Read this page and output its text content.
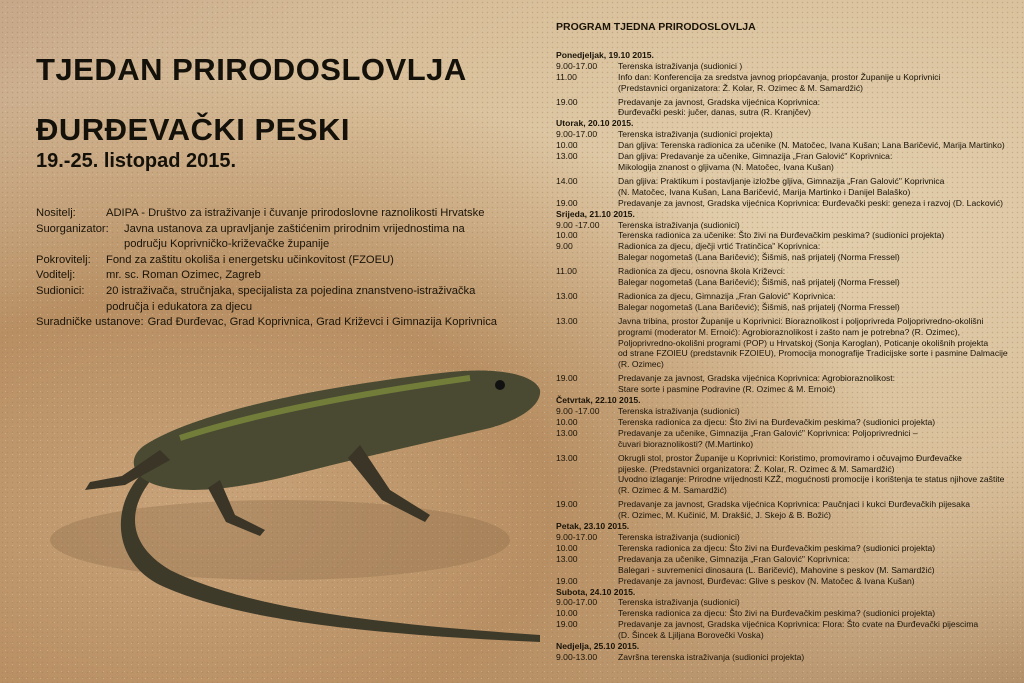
TJEDAN PRIRODOSLOVLJA
ĐURĐEVAČKI PESKI
19.-25. listopad 2015.
Nositelj:	ADIPA - Društvo za istraživanje i čuvanje prirodoslovne raznolikosti Hrvatske
Suorganizator:	Javna ustanova za upravljanje zaštićenim prirodnim vrijednostima na području Koprivničko-križevačke županije
Pokrovitelj:	Fond za zaštitu okoliša i energetsku učinkovitost (FZOEU)
Voditelj:	mr. sc. Roman Ozimec, Zagreb
Sudionici:	20 istraživača, stručnjaka, specijalista za pojedina znanstveno-istraživačka područja i edukatora za djecu
Suradničke ustanove: Grad Đurđevac, Grad Koprivnica, Grad Križevci i Gimnazija Koprivnica
PROGRAM TJEDNA PRIRODOSLOVLJA
Ponedjeljak, 19.10 2015.
9.00-17.00	Terenska istraživanja (sudionici )
11.00	Info dan: Konferencija za sredstva javnog priopćavanja, prostor Županije u Koprivnici
(Predstavnici organizatora: Ž. Kolar, R. Ozimec & M. Samardžić)
19.00	Predavanje za javnost, Gradska vijećnica Koprivnica:
Đurđevački peski: jučer, danas, sutra (R. Kranjčev)
Utorak, 20.10 2015.
9.00-17.00	Terenska istraživanja (sudionici projekta)
10.00	Dan gljiva: Terenska radionica za učenike (N. Matočec, Ivana Kušan; Lana Baričević, Marija Martinko)
13.00	Dan gljiva: Predavanje za učenike, Gimnazija „Fran Galović" Koprivnica:
Mikologija znanost o gljivama (N. Matočec, Ivana Kušan)
14.00	Dan gljiva: Praktikum i postavljanje izložbe gljiva, Gimnazija „Fran Galović" Koprivnica
(N. Matočec, Ivana Kušan, Lana Baričević, Marija Martinko i Danijel Balaško)
19.00	Predavanje za javnost, Gradska vijećnica Koprivnica: Đurđevački peski: geneza i razvoj (D. Lacković)
Srijeda, 21.10 2015.
9.00 -17.00	Terenska istraživanja (sudionici)
10.00	Terenska radionica za učenike: Što živi na Đurđevačkim peskima? (sudionici projekta)
9.00	Radionica za djecu, dječji vrtić Tratinčica" Koprivnica:
Balegar nogometaš (Lana Baričević); Šišmiš, naš prijatelj (Norma Fressel)
11.00	Radionica za djecu, osnovna škola Križevci:
Balegar nogometaš (Lana Baričević); Šišmiš, naš prijatelj (Norma Fressel)
13.00	Radionica za djecu, Gimnazija „Fran Galović" Koprivnica:
Balegar nogometaš (Lana Baričević); Šišmiš, naš prijatelj (Norma Fressel)
13.00	Javna tribina, prostor Županije u Koprivnici: Bioraznolikost i poljoprivreda Poljoprivredno-okolišni
programi (moderator M. Ernoić): Agrobioraznolikost i zašto nam je potrebna? (R. Ozimec),
Poljoprivredno-okolišni programi (POP) u Hrvatskoj (Sonja Karoglan), Poticanje okolišnih projekta
od strane FZOIEU (predstavnik FZOIEU), Promocija monografije Tradicijske sorte i pasmine Dalmacije
(R. Ozimec)
19.00	Predavanje za javnost, Gradska vijećnica Koprivnica: Agrobioraznolikost:
Stare sorte i pasmine Podravine (R. Ozimec & M. Ernoić)
Četvrtak, 22.10 2015.
9.00 -17.00	Terenska istraživanja (sudionici)
10.00	Terenska radionica za djecu: Što živi na Đurđevačkim peskima? (sudionici projekta)
13.00	Predavanje za učenike, Gimnazija „Fran Galović" Koprivnica: Poljoprivrednici –
čuvari bioraznolikosti? (M.Martinko)
13.00	Okrugli stol, prostor Županije u Koprivnici: Koristimo, promoviramo i očuvajmo Đurđevačke
pijeske. (Predstavnici organizatora: Ž. Kolar, R. Ozimec & M. Samardžić)
Uvodno izlaganje: Prirodne vrijednosti KZŽ, mogućnosti promocije i korištenja te status njihove zaštite
(R. Ozimec & M. Samardžić)
19.00	Predavanje za javnost, Gradska vijećnica Koprivnica: Paučnjaci i kukci Đurđevačkih pijesaka
(R. Ozimec, M. Kučinić, M. Drakšić, J. Skejo & B. Božić)
Petak, 23.10 2015.
9.00-17.00	Terenska istraživanja (sudionici)
10.00	Terenska radionica za djecu: Što živi na Đurđevačkim peskima? (sudionici projekta)
13.00	Predavanja za učenike, Gimnazija „Fran Galović" Koprivnica:
Balegari - suvremenici dinosaura (L. Baričević), Mahovine s peskov (M. Samardžić)
19.00	Predavanje za javnost, Đurđevac: Glive s peskov (N. Matočec & Ivana Kušan)
Subota, 24.10 2015.
9.00-17.00	Terenska istraživanja (sudionici)
10.00	Terenska radionica za djecu: Što živi na Đurđevačkim peskima? (sudionici projekta)
19.00	Predavanje za javnost, Gradska vijećnica Koprivnica: Flora: Što cvate na Đurđevački pijescima
(D. Šincek & Ljiljana Borovečki Voska)
Nedjelja, 25.10 2015.
9.00-13.00	Završna terenska istraživanja (sudionici projekta)
